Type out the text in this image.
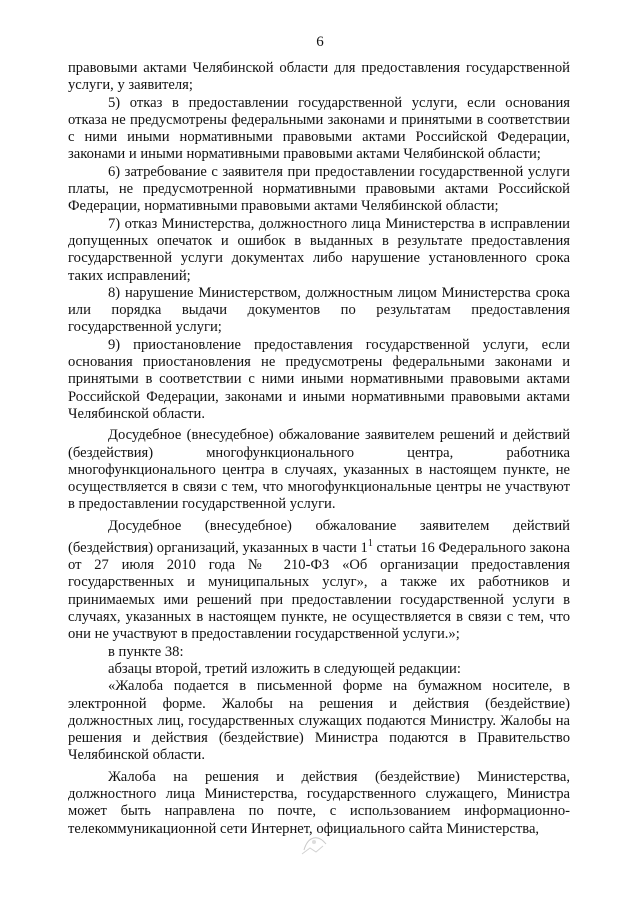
6

правовыми актами Челябинской области для предоставления государственной услуги, у заявителя;

5) отказ в предоставлении государственной услуги, если основания отказа не предусмотрены федеральными законами и принятыми в соответствии с ними иными нормативными правовыми актами Российской Федерации, законами и иными нормативными правовыми актами Челябинской области;

6) затребование с заявителя при предоставлении государственной услуги платы, не предусмотренной нормативными правовыми актами Российской Федерации, нормативными правовыми актами Челябинской области;

7) отказ Министерства, должностного лица Министерства в исправлении допущенных опечаток и ошибок в выданных в результате предоставления государственной услуги документах либо нарушение установленного срока таких исправлений;

8) нарушение Министерством, должностным лицом Министерства срока или порядка выдачи документов по результатам предоставления государственной услуги;

9) приостановление предоставления государственной услуги, если основания приостановления не предусмотрены федеральными законами и принятыми в соответствии с ними иными нормативными правовыми актами Российской Федерации, законами и иными нормативными правовыми актами Челябинской области.

Досудебное (внесудебное) обжалование заявителем решений и действий (бездействия) многофункционального центра, работника многофункционального центра в случаях, указанных в настоящем пункте, не осуществляется в связи с тем, что многофункциональные центры не участвуют в предоставлении государственной услуги.

Досудебное (внесудебное) обжалование заявителем действий (бездействия) организаций, указанных в части $1^1$ статьи 16 Федерального закона от 27 июля 2010 года № 210-ФЗ «Об организации предоставления государственных и муниципальных услуг», а также их работников и принимаемых ими решений при предоставлении государственной услуги в случаях, указанных в настоящем пункте, не осуществляется в связи с тем, что они не участвуют в предоставлении государственной услуги.»;

в пункте 38:

абзацы второй, третий изложить в следующей редакции:

«Жалоба подается в письменной форме на бумажном носителе, в электронной форме. Жалобы на решения и действия (бездействие) должностных лиц, государственных служащих подаются Министру. Жалобы на решения и действия (бездействие) Министра подаются в Правительство Челябинской области.

Жалоба на решения и действия (бездействие) Министерства, должностного лица Министерства, государственного служащего, Министра может быть направлена по почте, с использованием информационно-телекоммуникационной сети Интернет, официального сайта Министерства,
